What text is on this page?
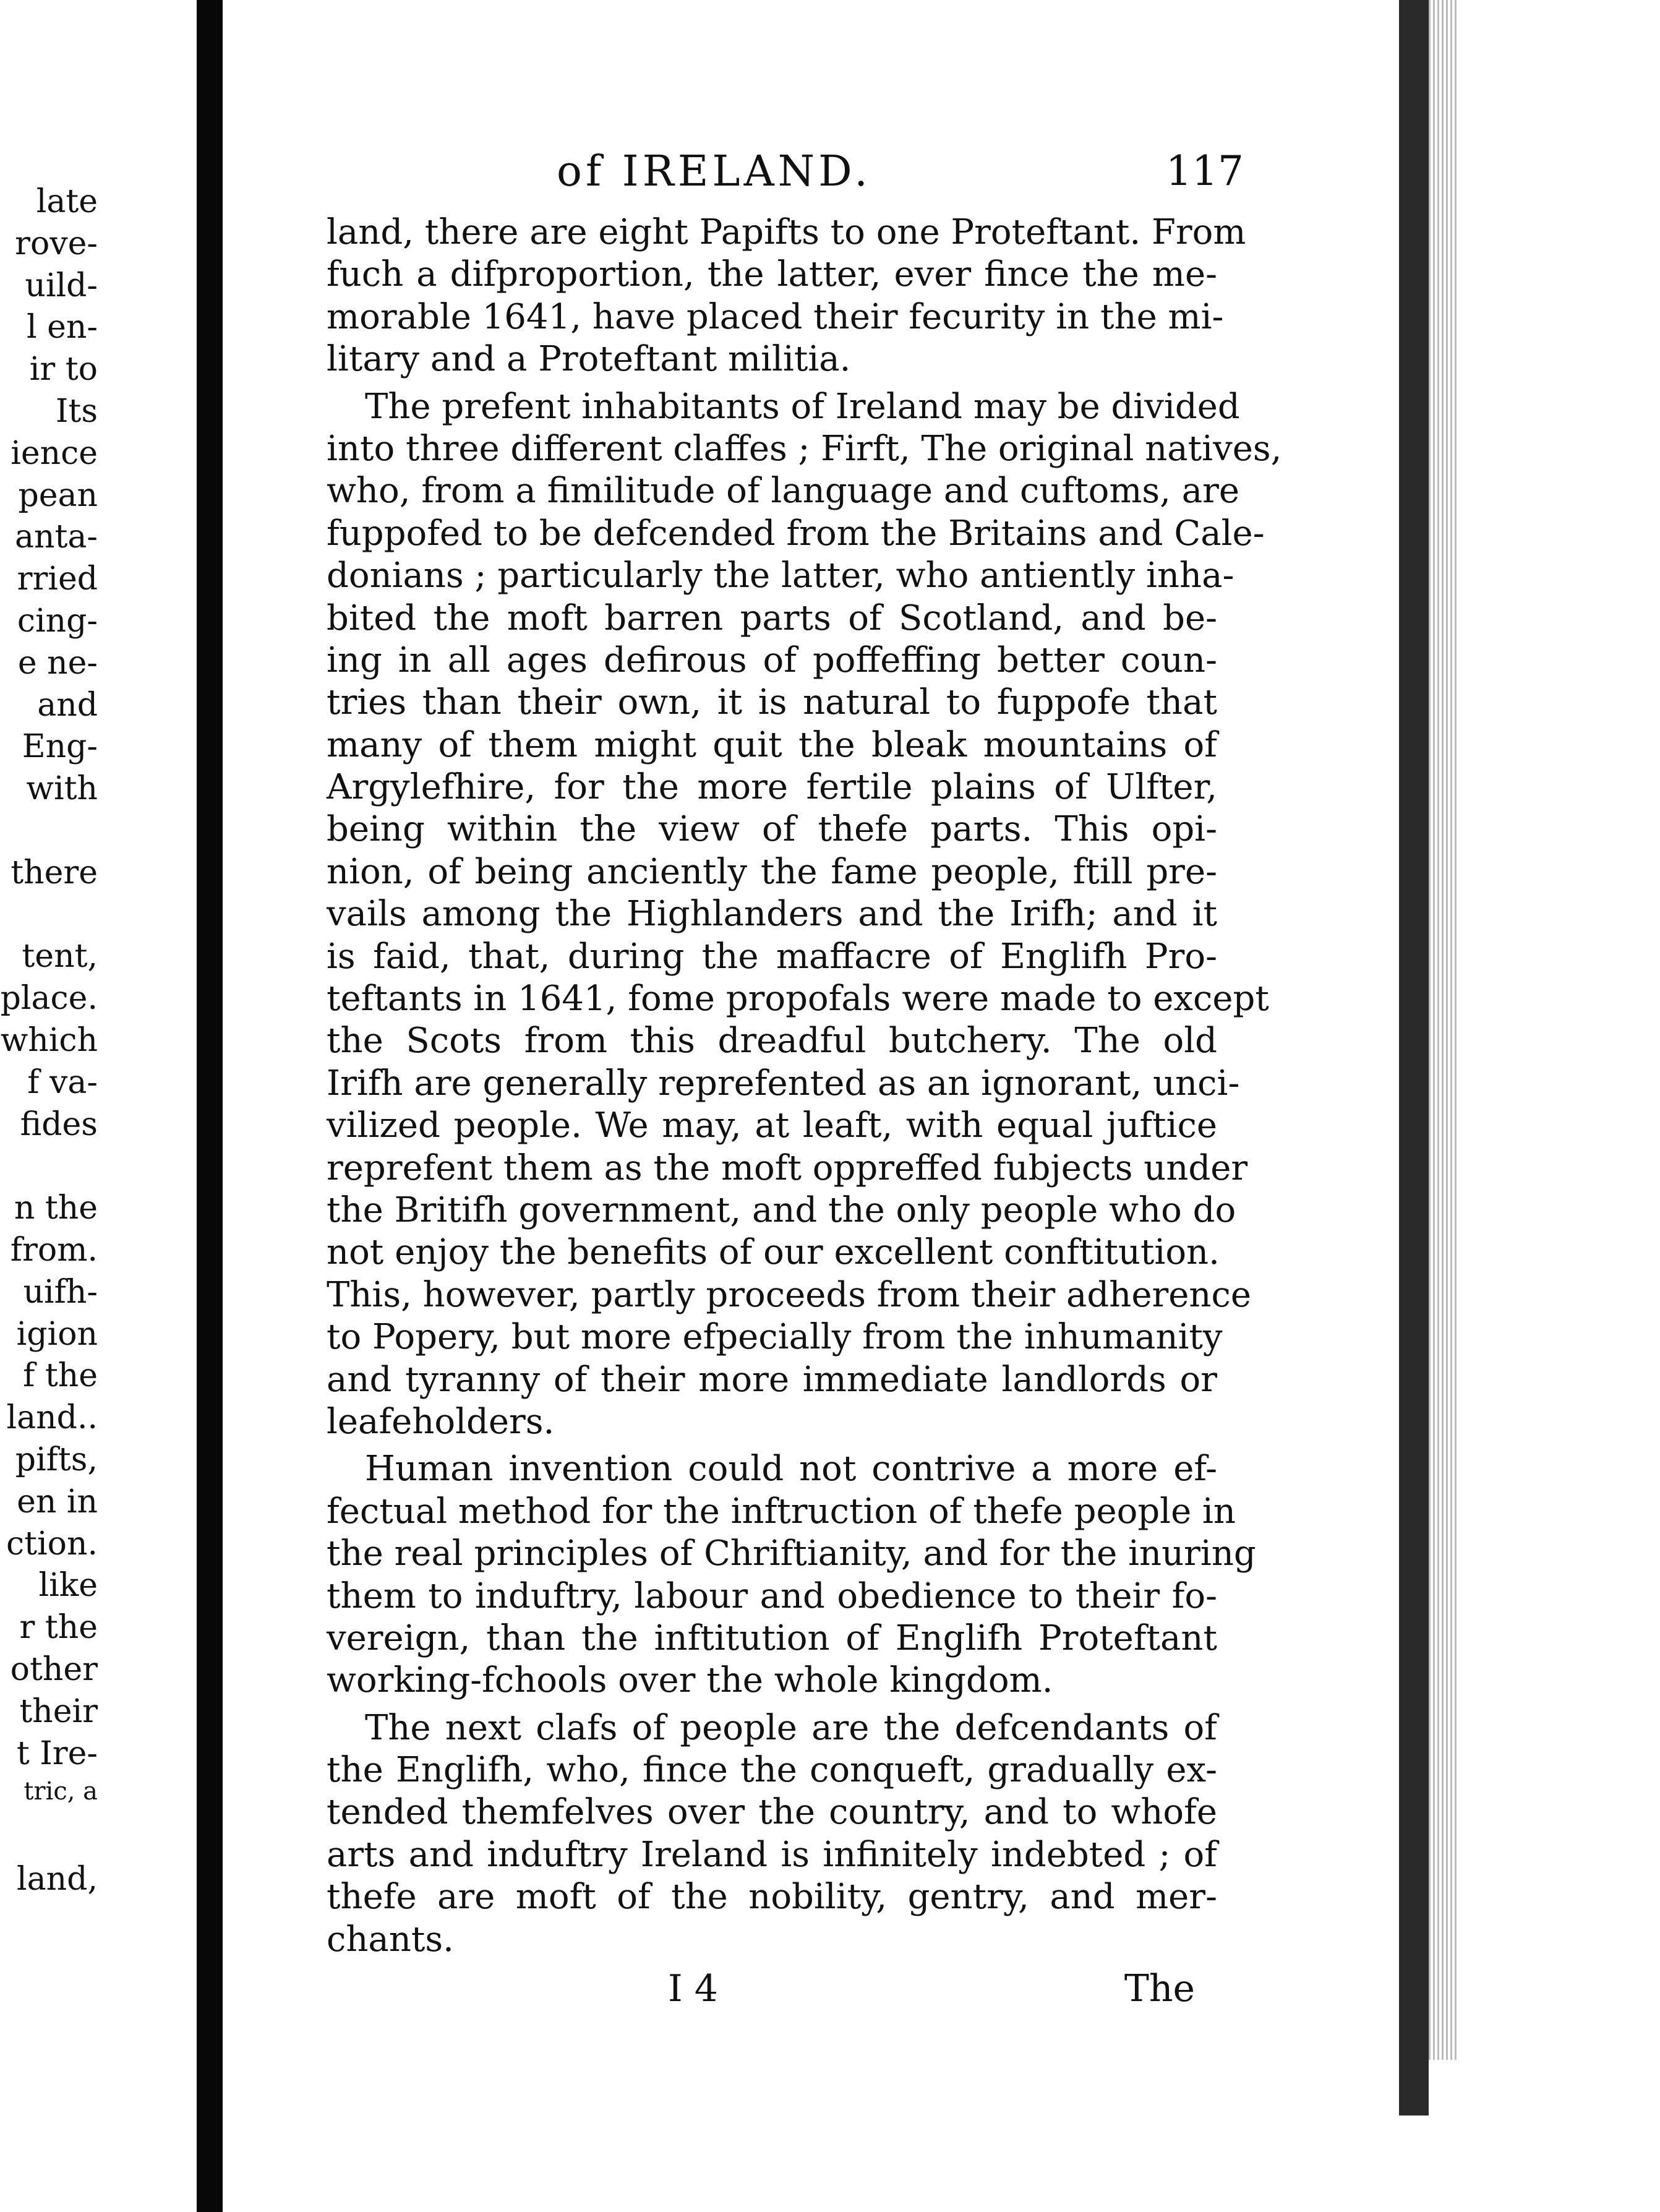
late
rove-
uild-
l en-
ir to
Its
ience
pean
anta-
rried
cing-
e ne-
and
Eng-
with
there
tent,
place.
which
f va-
fides
n the
from.
uifh-
igion
f the
land..
pifts,
en in
ction.
like
r the
other
their
t Ire-
tric, a
land,
of IRELAND.	117
land, there are eight Papifts to one Proteftant. From
fuch a difproportion, the latter, ever fince the me-
morable 1641, have placed their fecurity in the mi-
litary and a Proteftant militia.
The prefent inhabitants of Ireland may be divided
into three different claffes ; Firft, The original natives,
who, from a fimilitude of language and cuftoms, are
fuppofed to be defcended from the Britains and Cale-
donians ; particularly the latter, who antiently inha-
bited the moft barren parts of Scotland, and be-
ing in all ages defirous of poffeffing better coun-
tries than their own, it is natural to fuppofe that
many of them might quit the bleak mountains of
Argylefhire, for the more fertile plains of Ulfter,
being within the view of thefe parts. This opi-
nion, of being anciently the fame people, ftill pre-
vails among the Highlanders and the Irifh; and it
is faid, that, during the maffacre of Englifh Pro-
teftants in 1641, fome propofals were made to except
the Scots from this dreadful butchery. The old
Irifh are generally reprefented as an ignorant, unci-
vilized people. We may, at leaft, with equal juftice
reprefent them as the moft oppreffed fubjects under
the Britifh government, and the only people who do
not enjoy the benefits of our excellent conftitution.
This, however, partly proceeds from their adherence
to Popery, but more efpecially from the inhumanity
and tyranny of their more immediate landlords or
leafeholders.
Human invention could not contrive a more ef-
fectual method for the inftruction of thefe people in
the real principles of Chriftianity, and for the inuring
them to induftry, labour and obedience to their fo-
vereign, than the inftitution of Englifh Proteftant
working-fchools over the whole kingdom.
The next clafs of people are the defcendants of
the Englifh, who, fince the conqueft, gradually ex-
tended themfelves over the country, and to whofe
arts and induftry Ireland is infinitely indebted ; of
thefe are moft of the nobility, gentry, and mer-
chants.
I 4	The
